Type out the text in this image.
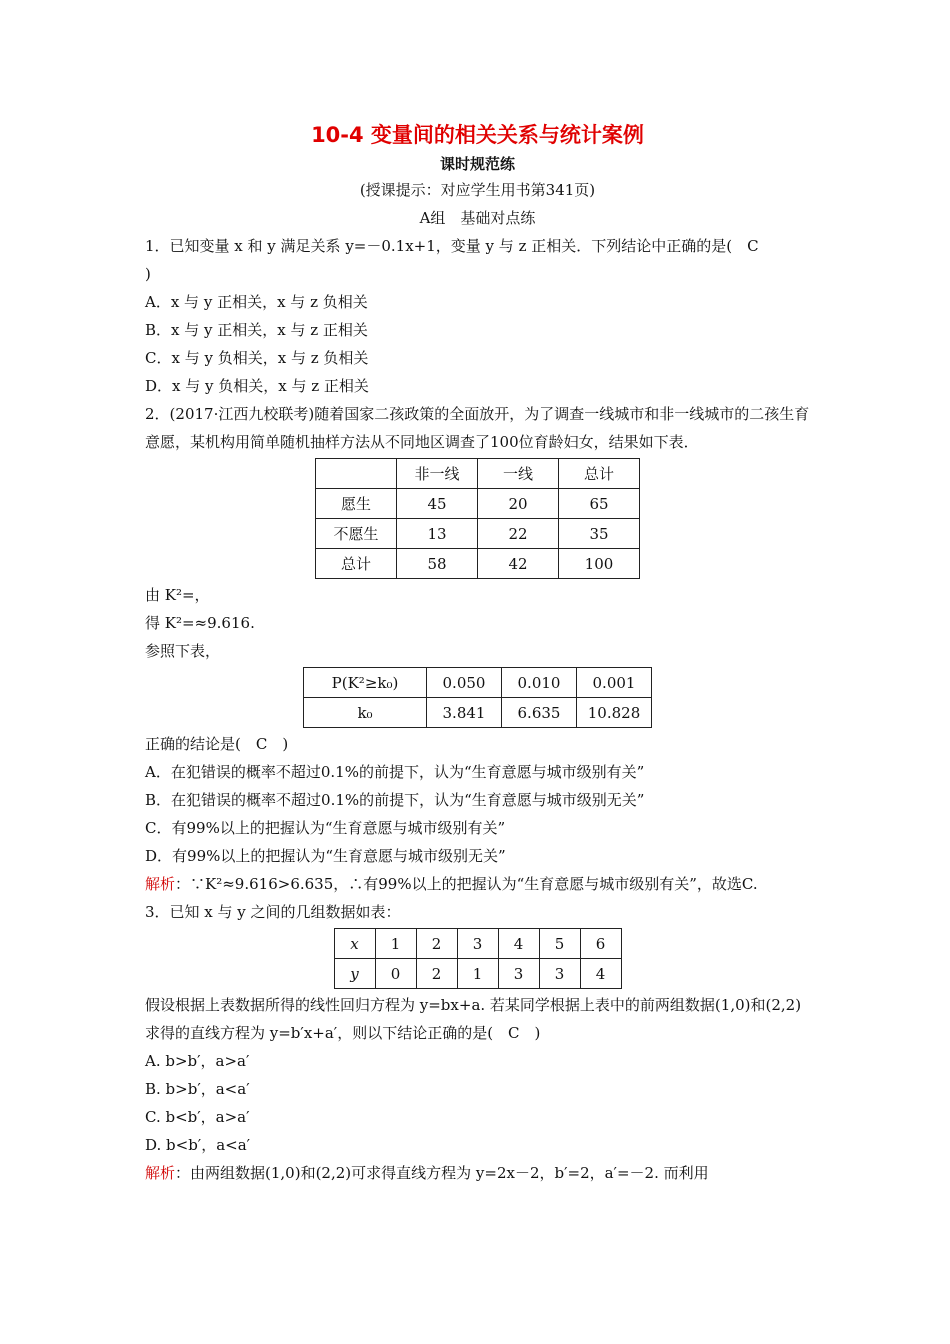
10-4 变量间的相关关系与统计案例
课时规范练
(授课提示：对应学生用书第341页)
A组　基础对点练
1．已知变量 x 和 y 满足关系 y=－0.1x+1，变量 y 与 z 正相关．下列结论中正确的是(　C
)
A．x 与 y 正相关，x 与 z 负相关
B．x 与 y 正相关，x 与 z 正相关
C．x 与 y 负相关，x 与 z 负相关
D．x 与 y 负相关，x 与 z 正相关
2．(2017·江西九校联考)随着国家二孩政策的全面放开，为了调查一线城市和非一线城市的二孩生育意愿，某机构用简单随机抽样方法从不同地区调查了100位育龄妇女，结果如下表．
	非一线	一线	总计
愿生	45	20	65
不愿生	13	22	35
总计	58	42	100
由 K²=，
得 K²=≈9.616.
参照下表，
P(K²≥k₀)	0.050	0.010	0.001
k₀	3.841	6.635	10.828
正确的结论是(　C　)
A．在犯错误的概率不超过0.1%的前提下，认为“生育意愿与城市级别有关”
B．在犯错误的概率不超过0.1%的前提下，认为“生育意愿与城市级别无关”
C．有99%以上的把握认为“生育意愿与城市级别有关”
D．有99%以上的把握认为“生育意愿与城市级别无关”
解析：∵K²≈9.616>6.635，∴有99%以上的把握认为“生育意愿与城市级别有关”，故选C.
3．已知 x 与 y 之间的几组数据如表：
x	1	2	3	4	5	6
y	0	2	1	3	3	4
假设根据上表数据所得的线性回归方程为 y=bx+a. 若某同学根据上表中的前两组数据(1,0)和(2,2)求得的直线方程为 y=b′x+a′，则以下结论正确的是(　C　)
A. b>b′，a>a′
B. b>b′，a<a′
C. b<b′，a>a′
D. b<b′，a<a′
解析：由两组数据(1,0)和(2,2)可求得直线方程为 y=2x－2，b′=2，a′=－2. 而利用
